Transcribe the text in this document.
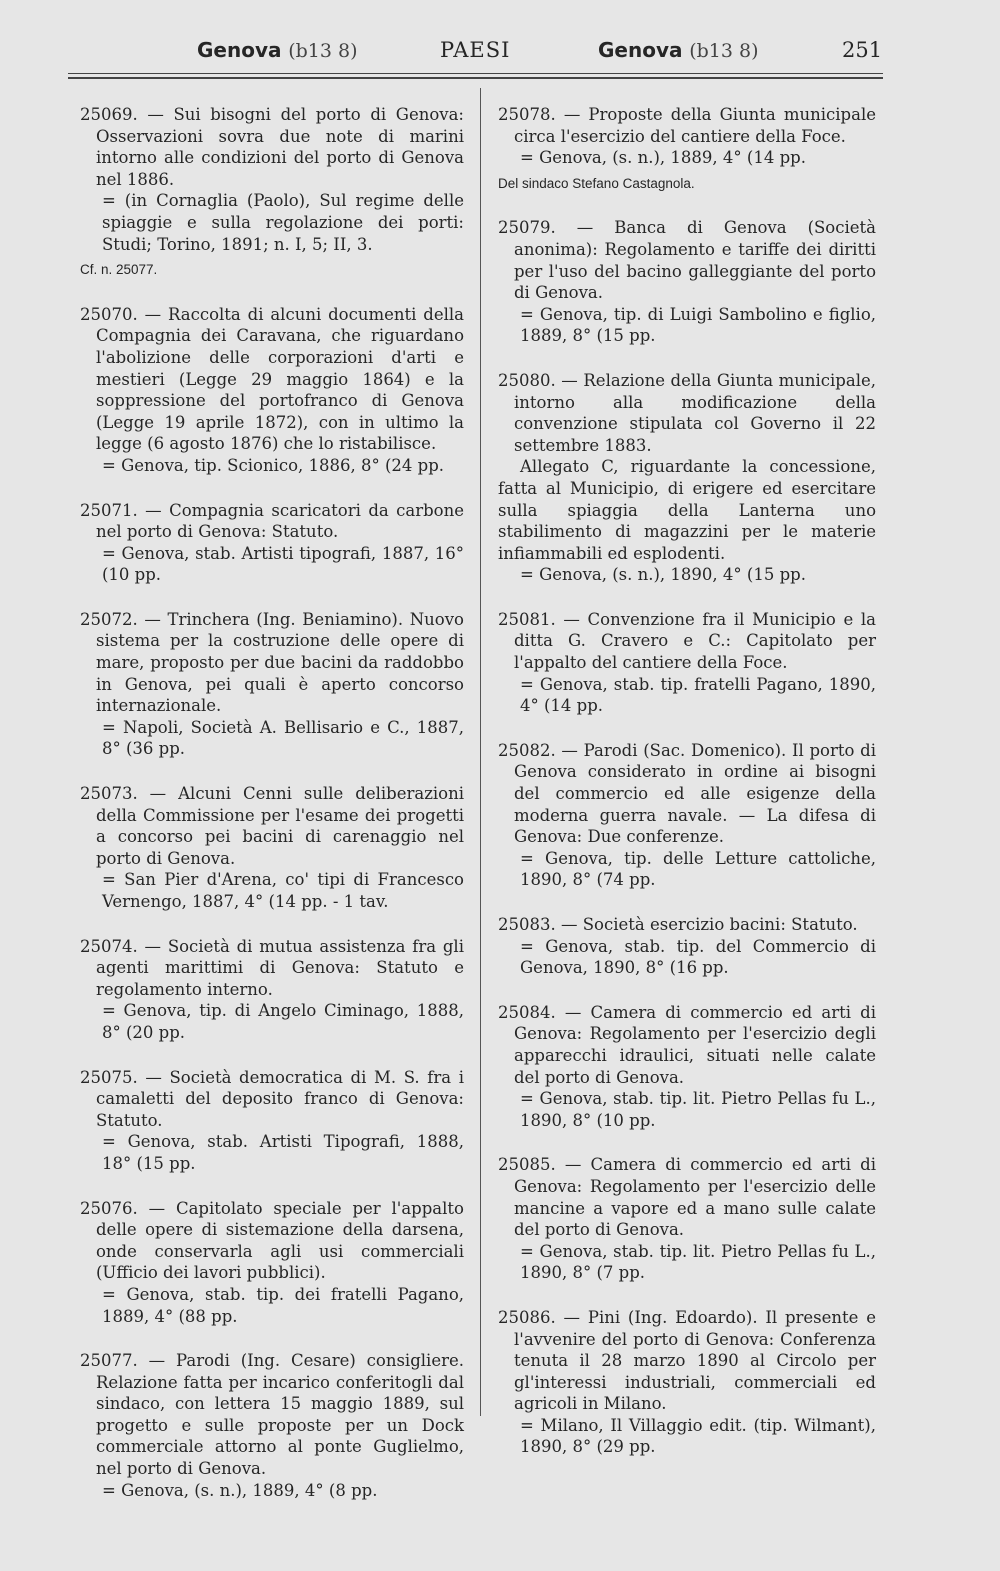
Genova (b13 8)	PAESI	Genova (b13 8)	251

25069. — Sui bisogni del porto di Genova: Osservazioni sovra due note di marini intorno alle condizioni del porto di Genova nel 1886.

= (in Cornaglia (Paolo), Sul regime delle spiaggie e sulla regolazione dei porti: Studi; Torino, 1891; n. I, 5; II, 3.

Cf. n. 25077.

25070. — Raccolta di alcuni documenti della Compagnia dei Caravana, che riguardano l'abolizione delle corporazioni d'arti e mestieri (Legge 29 maggio 1864) e la soppressione del portofranco di Genova (Legge 19 aprile 1872), con in ultimo la legge (6 agosto 1876) che lo ristabilisce.

= Genova, tip. Scionico, 1886, 8° (24 pp.

25071. — Compagnia scaricatori da carbone nel porto di Genova: Statuto.

= Genova, stab. Artisti tipografi, 1887, 16° (10 pp.

25072. — Trinchera (Ing. Beniamino). Nuovo sistema per la costruzione delle opere di mare, proposto per due bacini da raddobbo in Genova, pei quali è aperto concorso internazionale.

= Napoli, Società A. Bellisario e C., 1887, 8° (36 pp.

25073. — Alcuni Cenni sulle deliberazioni della Commissione per l'esame dei progetti a concorso pei bacini di carenaggio nel porto di Genova.

= San Pier d'Arena, co' tipi di Francesco Vernengo, 1887, 4° (14 pp. - 1 tav.

25074. — Società di mutua assistenza fra gli agenti marittimi di Genova: Statuto e regolamento interno.

= Genova, tip. di Angelo Ciminago, 1888, 8° (20 pp.

25075. — Società democratica di M. S. fra i camaletti del deposito franco di Genova: Statuto.

= Genova, stab. Artisti Tipografi, 1888, 18° (15 pp.

25076. — Capitolato speciale per l'appalto delle opere di sistemazione della darsena, onde conservarla agli usi commerciali (Ufficio dei lavori pubblici).

= Genova, stab. tip. dei fratelli Pagano, 1889, 4° (88 pp.

25077. — Parodi (Ing. Cesare) consigliere. Relazione fatta per incarico conferitogli dal sindaco, con lettera 15 maggio 1889, sul progetto e sulle proposte per un Dock commerciale attorno al ponte Guglielmo, nel porto di Genova.

= Genova, (s. n.), 1889, 4° (8 pp.

25078. — Proposte della Giunta municipale circa l'esercizio del cantiere della Foce.

= Genova, (s. n.), 1889, 4° (14 pp.

Del sindaco Stefano Castagnola.

25079. — Banca di Genova (Società anonima): Regolamento e tariffe dei diritti per l'uso del bacino galleggiante del porto di Genova.

= Genova, tip. di Luigi Sambolino e figlio, 1889, 8° (15 pp.

25080. — Relazione della Giunta municipale, intorno alla modificazione della convenzione stipulata col Governo il 22 settembre 1883.

Allegato C, riguardante la concessione, fatta al Municipio, di erigere ed esercitare sulla spiaggia della Lanterna uno stabilimento di magazzini per le materie infiammabili ed esplodenti.

= Genova, (s. n.), 1890, 4° (15 pp.

25081. — Convenzione fra il Municipio e la ditta G. Cravero e C.: Capitolato per l'appalto del cantiere della Foce.

= Genova, stab. tip. fratelli Pagano, 1890, 4° (14 pp.

25082. — Parodi (Sac. Domenico). Il porto di Genova considerato in ordine ai bisogni del commercio ed alle esigenze della moderna guerra navale. — La difesa di Genova: Due conferenze.

= Genova, tip. delle Letture cattoliche, 1890, 8° (74 pp.

25083. — Società esercizio bacini: Statuto.

= Genova, stab. tip. del Commercio di Genova, 1890, 8° (16 pp.

25084. — Camera di commercio ed arti di Genova: Regolamento per l'esercizio degli apparecchi idraulici, situati nelle calate del porto di Genova.

= Genova, stab. tip. lit. Pietro Pellas fu L., 1890, 8° (10 pp.

25085. — Camera di commercio ed arti di Genova: Regolamento per l'esercizio delle mancine a vapore ed a mano sulle calate del porto di Genova.

= Genova, stab. tip. lit. Pietro Pellas fu L., 1890, 8° (7 pp.

25086. — Pini (Ing. Edoardo). Il presente e l'avvenire del porto di Genova: Conferenza tenuta il 28 marzo 1890 al Circolo per gl'interessi industriali, commerciali ed agricoli in Milano.

= Milano, Il Villaggio edit. (tip. Wilmant), 1890, 8° (29 pp.
